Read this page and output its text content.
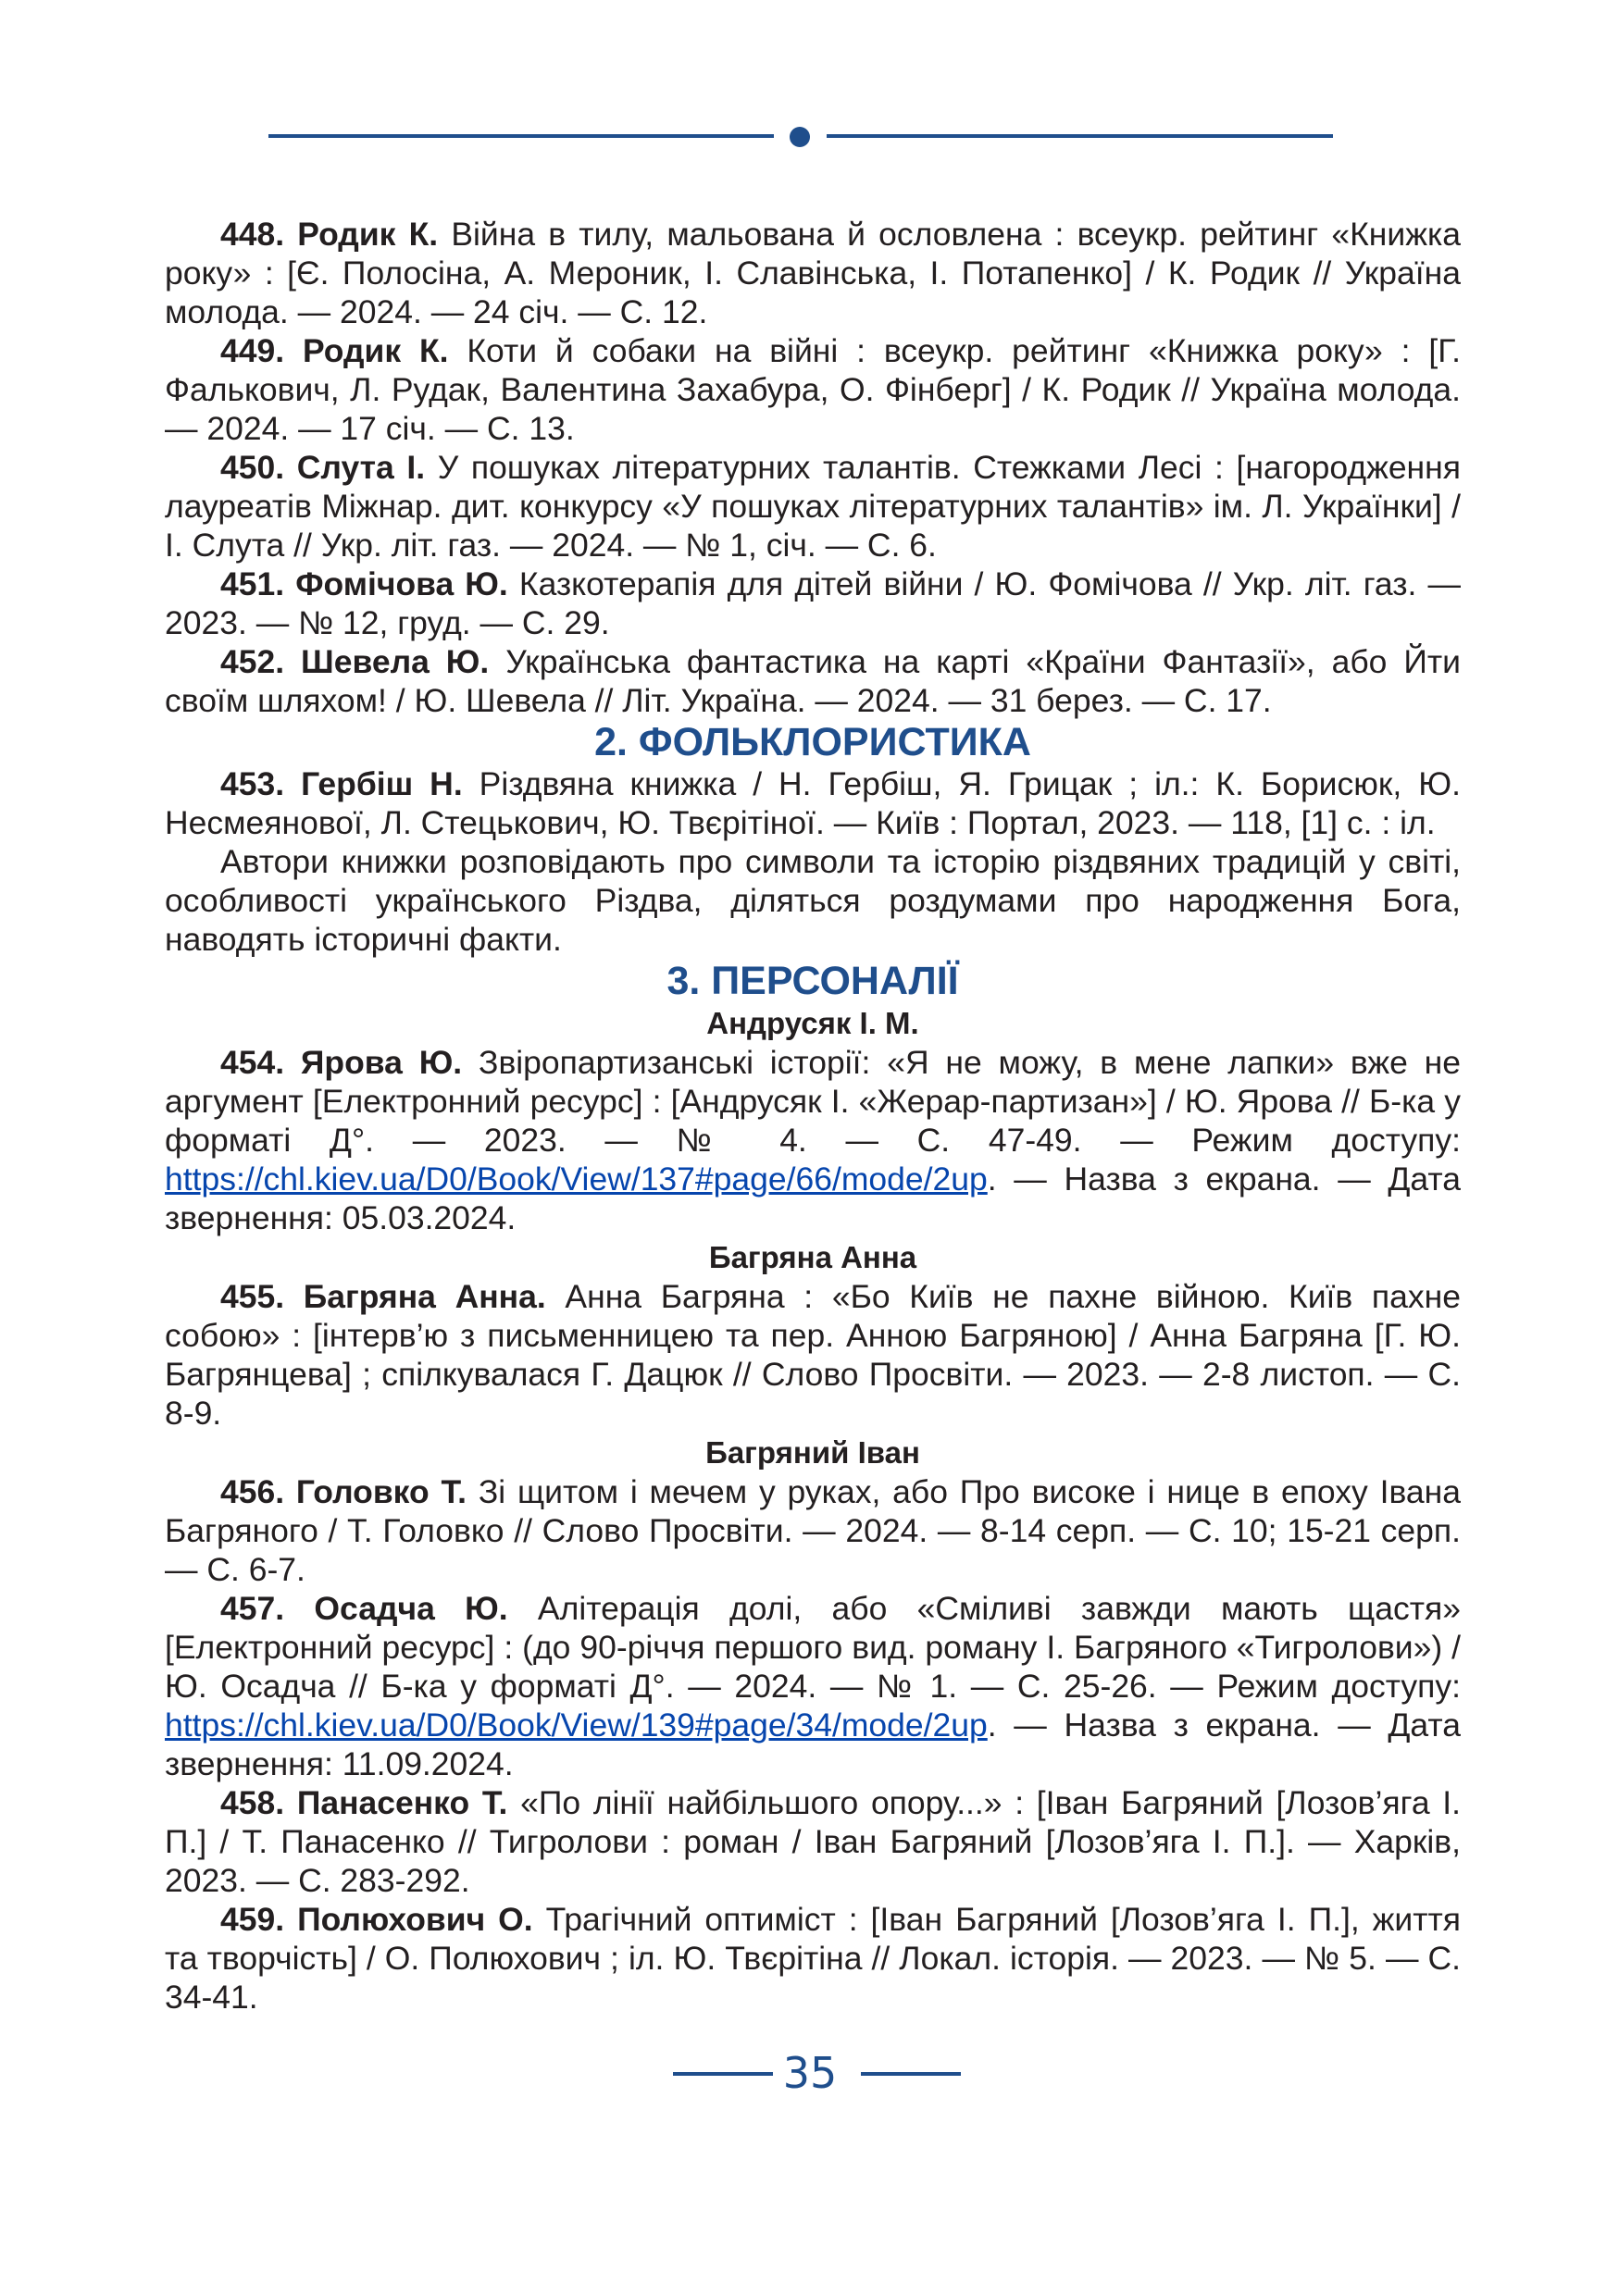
448. Родик К. Війна в тилу, мальована й ословлена : всеукр. рейтинг «Книжка року» : [Є. Полосіна, А. Мероник, І. Славінська, І. Потапенко] / К. Родик // Україна молода. — 2024. — 24 січ. — С. 12.

449. Родик К. Коти й собаки на війні : всеукр. рейтинг «Книжка року» : [Г. Фалькович, Л. Рудак, Валентина Захабура, О. Фінберг] / К. Родик // Україна молода. — 2024. — 17 січ. — С. 13.

450. Слута І. У пошуках літературних талантів. Стежками Лесі : [нагородження лауреатів Міжнар. дит. конкурсу «У пошуках літературних талантів» ім. Л. Українки] / І. Слута // Укр. літ. газ. — 2024. — № 1, січ. — С. 6.

451. Фомічова Ю. Казкотерапія для дітей війни / Ю. Фомічова // Укр. літ. газ. — 2023. — № 12, груд. — С. 29.

452. Шевела Ю. Українська фантастика на карті «Країни Фантазії», або Йти своїм шляхом! / Ю. Шевела // Літ. Україна. — 2024. — 31 берез. — С. 17.

2. ФОЛЬКЛОРИСТИКА

453. Гербіш Н. Різдвяна книжка / Н. Гербіш, Я. Грицак ; іл.: К. Борисюк, Ю. Несмеянової, Л. Стецькович, Ю. Твєрітіної. — Київ : Портал, 2023. — 118, [1] с. : іл.

Автори книжки розповідають про символи та історію різдвяних традицій у світі, особливості українського Різдва, діляться роздумами про народження Бога, наводять історичні факти.

3. ПЕРСОНАЛІЇ
Андрусяк І. М.

454. Ярова Ю. Звіропартизанські історії: «Я не можу, в мене лапки» вже не аргумент [Електронний ресурс] : [Андрусяк І. «Жерар-партизан»] / Ю. Ярова // Б-ка у форматі Д°. — 2023. — № 4. — С. 47-49. — Режим доступу: https://chl.kiev.ua/D0/Book/View/137#page/66/mode/2up. — Назва з екрана. — Дата звернення: 05.03.2024.

Багряна Анна

455. Багряна Анна. Анна Багряна : «Бо Київ не пахне війною. Київ пахне собою» : [інтерв’ю з письменницею та пер. Анною Багряною] / Анна Багряна [Г. Ю. Багрянцева] ; спілкувалася Г. Дацюк // Слово Просвіти. — 2023. — 2-8 листоп. — С. 8-9.

Багряний Іван

456. Головко Т. Зі щитом і мечем у руках, або Про високе і нице в епоху Івана Багряного / Т. Головко // Слово Просвіти. — 2024. — 8-14 серп. — С. 10; 15-21 серп. — С. 6-7.

457. Осадча Ю. Алітерація долі, або «Сміливі завжди мають щастя» [Електронний ресурс] : (до 90-річчя першого вид. роману І. Багряного «Тигролови») / Ю. Осадча // Б-ка у форматі Д°. — 2024. — № 1. — С. 25-26. — Режим доступу: https://chl.kiev.ua/D0/Book/View/139#page/34/mode/2up. — Назва з екрана. — Дата звернення: 11.09.2024.

458. Панасенко Т. «По лінії найбільшого опору...» : [Іван Багряний [Лозов’яга І. П.] / Т. Панасенко // Тигролови : роман / Іван Багряний [Лозов’яга І. П.]. — Харків, 2023. — С. 283-292.

459. Полюхович О. Трагічний оптиміст : [Іван Багряний [Лозов’яга І. П.], життя та творчість] / О. Полюхович ; іл. Ю. Твєрітіна // Локал. історія. — 2023. — № 5. — С. 34-41.

35
